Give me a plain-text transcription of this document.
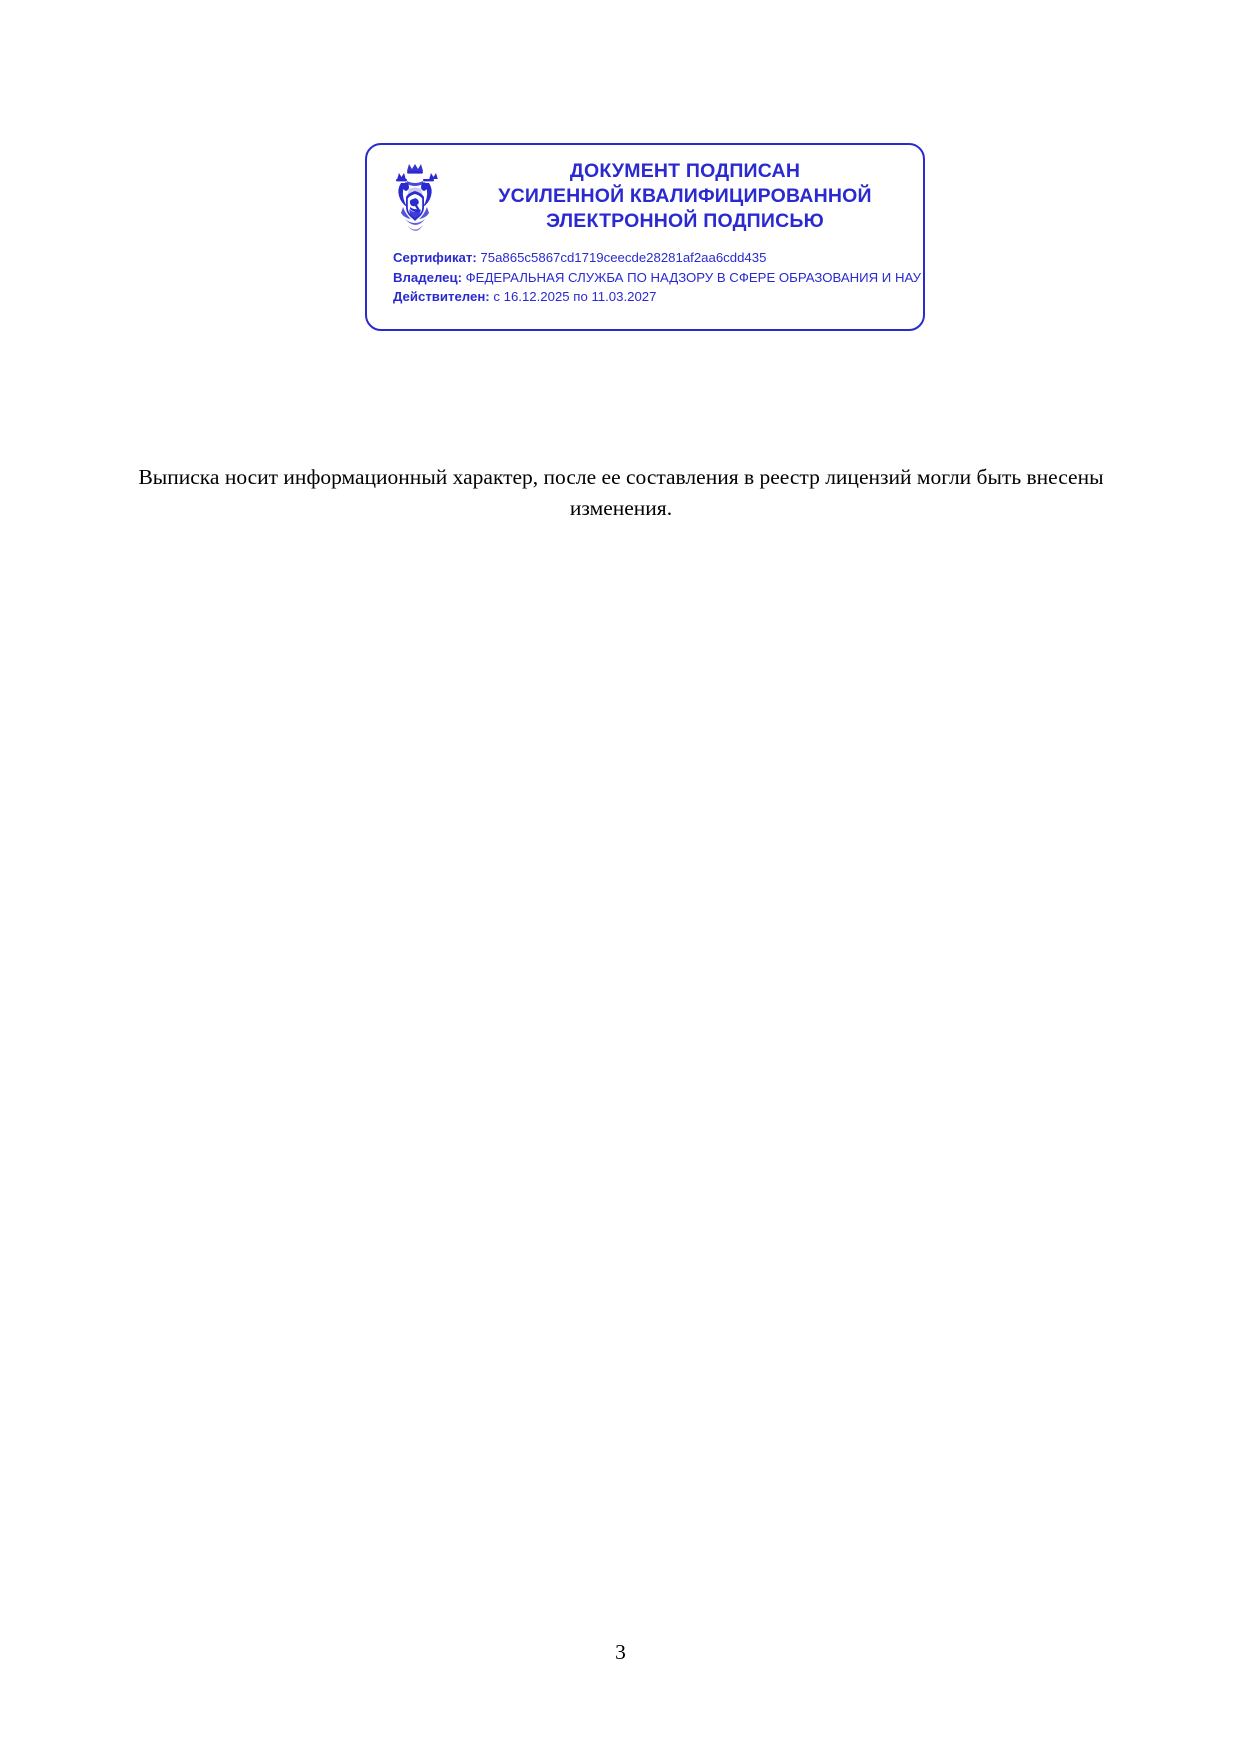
ДОКУМЕНТ ПОДПИСАН
УСИЛЕННОЙ КВАЛИФИЦИРОВАННОЙ
ЭЛЕКТРОННОЙ ПОДПИСЬЮ
Сертификат: 75a865c5867cd1719ceecde28281af2aa6cdd435
Владелец: ФЕДЕРАЛЬНАЯ СЛУЖБА ПО НАДЗОРУ В СФЕРЕ ОБРАЗОВАНИЯ И НАУ
Действителен: с 16.12.2025 по 11.03.2027
Выписка носит информационный характер, после ее составления в реестр лицензий могли быть внесены изменения.
3
